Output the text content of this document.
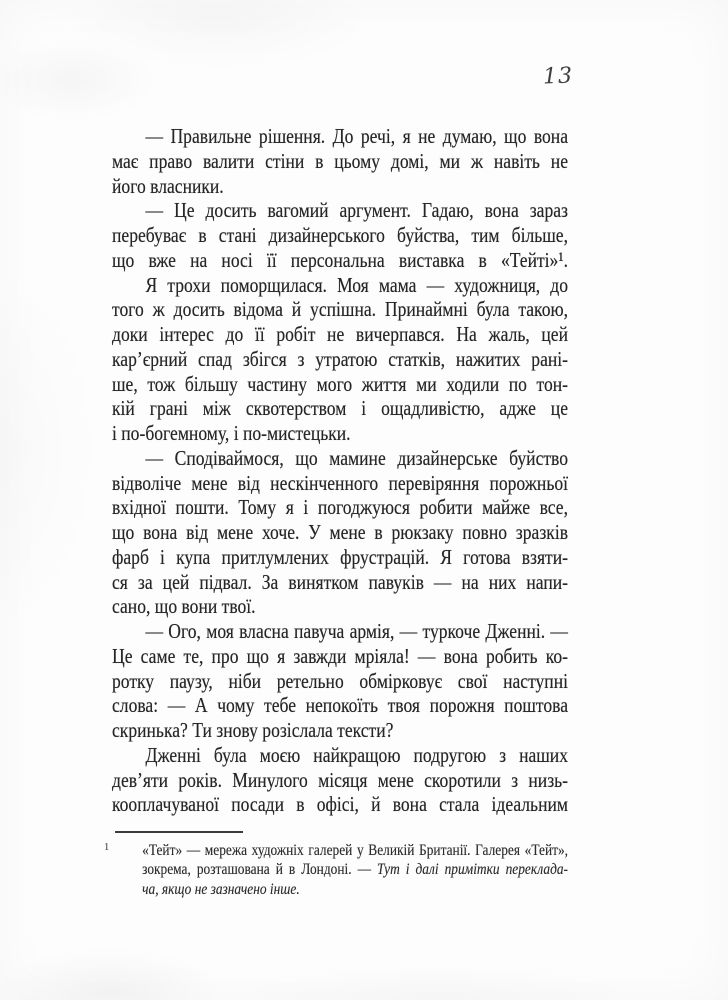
13
— Правильне рішення. До речі, я не думаю, що вона
має право валити стіни в цьому домі, ми ж навіть не
його власники.
— Це досить вагомий аргумент. Гадаю, вона зараз
перебуває в стані дизайнерського буйства, тим більше,
що вже на носі її персональна виставка в «Тейті»¹.
Я трохи поморщилася. Моя мама — художниця, до
того ж досить відома й успішна. Принаймні була такою,
доки інтерес до її робіт не вичерпався. На жаль, цей
кар’єрний спад збігся з утратою статків, нажитих рані-
ше, тож більшу частину мого життя ми ходили по тон-
кій грані між сквотерством і ощадливістю, адже це
і по-богемному, і по-мистецьки.
— Сподіваймося, що мамине дизайнерське буйство
відволіче мене від нескінченного перевіряння порожньої
вхідної пошти. Тому я і погоджуюся робити майже все,
що вона від мене хоче. У мене в рюкзаку повно зразків
фарб і купа притлумлених фрустрацій. Я готова взяти-
ся за цей підвал. За винятком павуків — на них напи-
сано, що вони твої.
— Ого, моя власна павуча армія, — туркоче Дженні. —
Це саме те, про що я завжди мріяла! — вона робить ко-
ротку паузу, ніби ретельно обмірковує свої наступні
слова: — А чому тебе непокоїть твоя порожня поштова
скринька? Ти знову розіслала тексти?
Дженні була моєю найкращою подругою з наших
дев’яти років. Минулого місяця мене скоротили з низь-
кооплачуваної посади в офісі, й вона стала ідеальним
1	«Тейт» — мережа художніх галерей у Великій Британії. Галерея «Тейт»,
зокрема, розташована й в Лондоні. — Тут і далі примітки переклада-
ча, якщо не зазначено інше.
